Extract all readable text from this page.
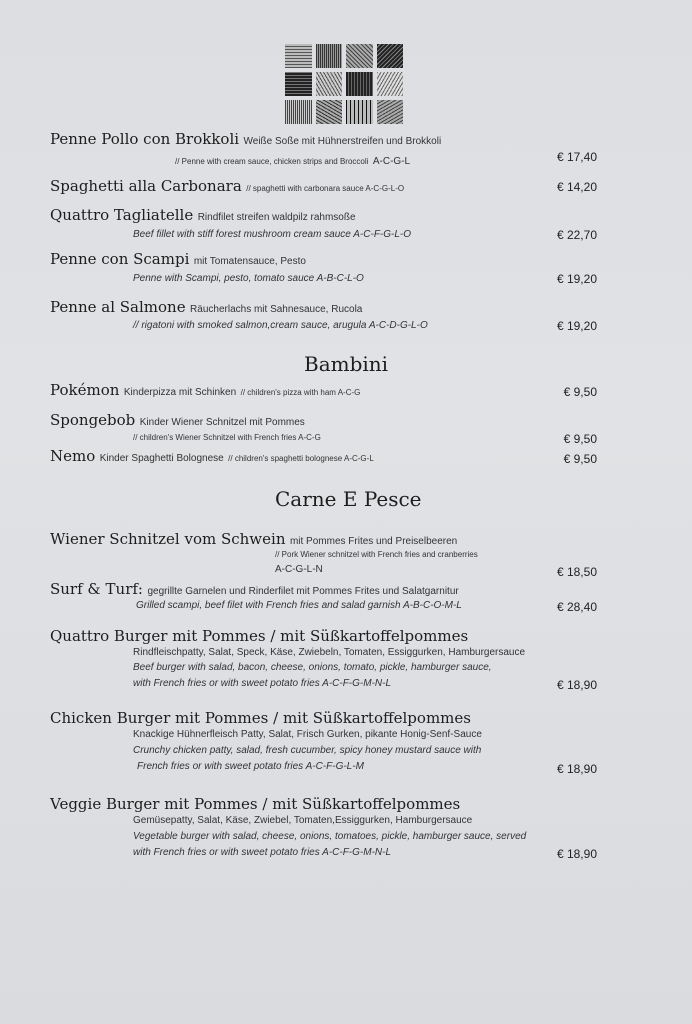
Penne Pollo con Brokkoli Weiße Soße mit Hühnerstreifen und Brokkoli
// Penne with cream sauce, chicken strips and Broccoli A-C-G-L	€ 17,40
Spaghetti alla Carbonara // spaghetti with carbonara sauce A-C-G-L-O	€ 14,20
Quattro Tagliatelle Rindfilet streifen waldpilz rahmsoße
Beef fillet with stiff forest mushroom cream sauce A-C-F-G-L-O	€ 22,70
Penne con Scampi mit Tomatensauce, Pesto
Penne with Scampi, pesto, tomato sauce A-B-C-L-O	€ 19,20
Penne al Salmone Räucherlachs mit Sahnesauce, Rucola
// rigatoni with smoked salmon,cream sauce, arugula A-C-D-G-L-O	€ 19,20
Bambini
Pokémon Kinderpizza mit Schinken // children's pizza with ham A-C-G	€ 9,50
Spongebob Kinder Wiener Schnitzel mit Pommes
// children's Wiener Schnitzel with French fries A-C-G	€ 9,50
Nemo Kinder Spaghetti Bolognese // children's spaghetti bolognese A-C-G-L	€ 9,50
Carne E Pesce
Wiener Schnitzel vom Schwein mit Pommes Frites und Preiselbeeren
// Pork Wiener schnitzel with French fries and cranberries
A-C-G-L-N	€ 18,50
Surf & Turf: gegrillte Garnelen und Rinderfilet mit Pommes Frites und Salatgarnitur
Grilled scampi, beef filet with French fries and salad garnish A-B-C-O-M-L	€ 28,40
Quattro Burger mit Pommes / mit Süßkartoffelpommes
Rindfleischpatty, Salat, Speck, Käse, Zwiebeln, Tomaten, Essiggurken, Hamburgersauce
Beef burger with salad, bacon, cheese, onions, tomato, pickle, hamburger sauce,
with French fries or with sweet potato fries A-C-F-G-M-N-L	€ 18,90
Chicken Burger mit Pommes / mit Süßkartoffelpommes
Knackige Hühnerfleisch Patty, Salat, Frisch Gurken, pikante Honig-Senf-Sauce
Crunchy chicken patty, salad, fresh cucumber, spicy honey mustard sauce with
French fries or with sweet potato fries A-C-F-G-L-M	€ 18,90
Veggie Burger mit Pommes / mit Süßkartoffelpommes
Gemüsepatty, Salat, Käse, Zwiebel, Tomaten,Essiggurken, Hamburgersauce
Vegetable burger with salad, cheese, onions, tomatoes, pickle, hamburger sauce, served
with French fries or with sweet potato fries A-C-F-G-M-N-L	€ 18,90
